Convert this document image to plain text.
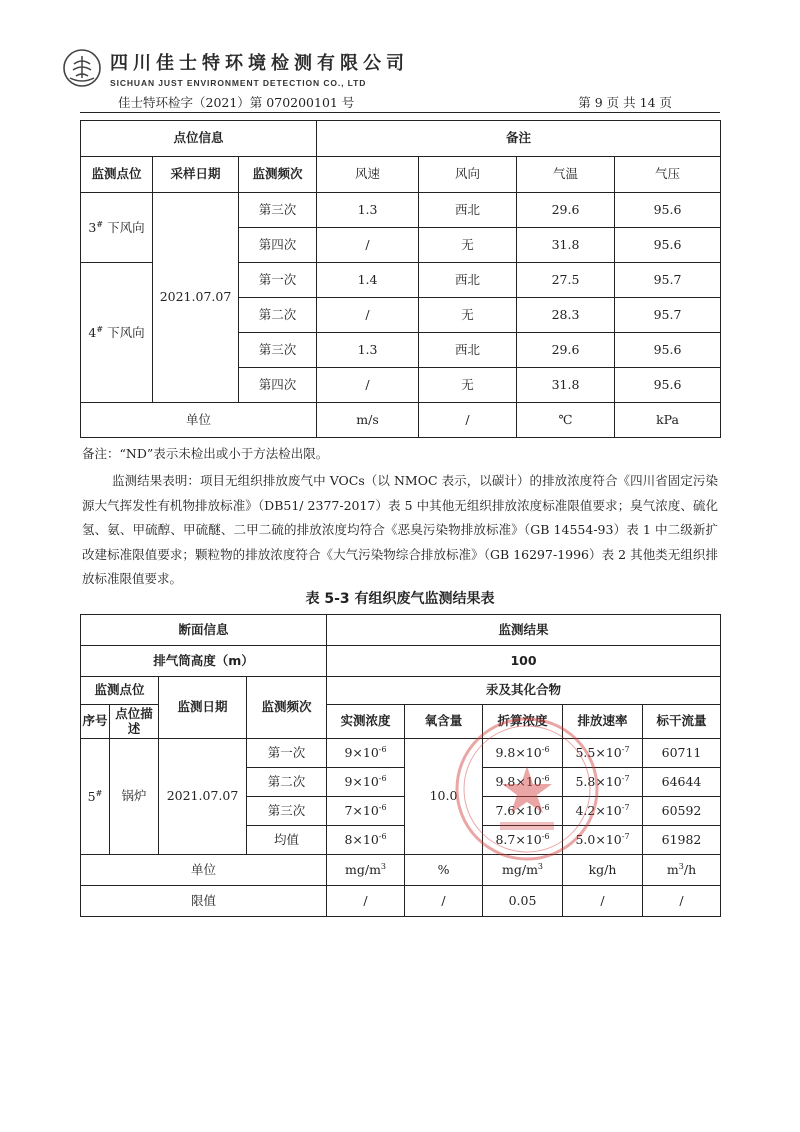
四川佳士特环境检测有限公司
SICHUAN JUST ENVIRONMENT DETECTION CO., LTD
佳士特环检字（2021）第 070200101 号	第 9 页 共 14 页
点位信息			备注			
监测点位	采样日期	监测频次	风速	风向	气温	气压
3# 下风向	2021.07.07	第三次	1.3	西北	29.6	95.6
		第四次	/	无	31.8	95.6
4# 下风向		第一次	1.4	西北	27.5	95.7
		第二次	/	无	28.3	95.7
		第三次	1.3	西北	29.6	95.6
		第四次	/	无	31.8	95.6
单位			m/s	/	℃	kPa
备注：“ND”表示未检出或小于方法检出限。
监测结果表明：项目无组织排放废气中 VOCs（以 NMOC 表示，以碳计）的排放浓度符合《四川省固定污染源大气挥发性有机物排放标准》（DB51/ 2377-2017）表 5 中其他无组织排放浓度标准限值要求；臭气浓度、硫化氢、氨、甲硫醇、甲硫醚、二甲二硫的排放浓度均符合《恶臭污染物排放标准》（GB 14554-93）表 1 中二级新扩改建标准限值要求；颗粒物的排放浓度符合《大气污染物综合排放标准》（GB 16297-1996）表 2 其他类无组织排放标准限值要求。
表 5-3 有组织废气监测结果表
断面信息				监测结果				
排气筒高度（m）				100				
监测点位		监测日期	监测频次	汞及其化合物				
序号	点位描述			实测浓度	氧含量	折算浓度	排放速率	标干流量
5#	锅炉	2021.07.07	第一次	$9\times 10^{-6}$	10.0	$9.8\times 10^{-6}$	$5.5\times 10^{-7}$	60711
			第二次	$9\times 10^{-6}$		$9.8\times 10^{-6}$	$5.8\times 10^{-7}$	64644
			第三次	$7\times 10^{-6}$		$7.6\times 10^{-6}$	$4.2\times 10^{-7}$	60592
			均值	$8\times 10^{-6}$		$8.7\times 10^{-6}$	$5.0\times 10^{-7}$	61982
单位				$mg/m^3$	%	$mg/m^3$	kg/h	$m^3/h$
限值				/	/	0.05	/	/
